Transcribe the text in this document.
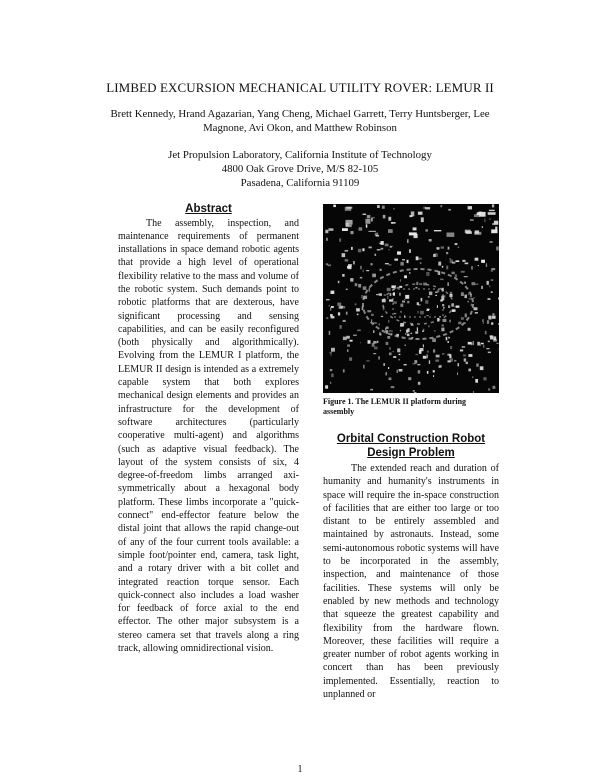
LIMBED EXCURSION MECHANICAL UTILITY ROVER: LEMUR II
Brett Kennedy, Hrand Agazarian, Yang Cheng, Michael Garrett, Terry Huntsberger, Lee Magnone, Avi Okon, and Matthew Robinson
Jet Propulsion Laboratory, California Institute of Technology
4800 Oak Grove Drive, M/S 82-105
Pasadena, California 91109
Abstract

The assembly, inspection, and maintenance requirements of permanent installations in space demand robotic agents that provide a high level of operational flexibility relative to the mass and volume of the robotic system. Such demands point to robotic platforms that are dexterous, have significant processing and sensing capabilities, and can be easily reconfigured (both physically and algorithmically). Evolving from the LEMUR I platform, the LEMUR II design is intended as a extremely capable system that both explores mechanical design elements and provides an infrastructure for the development of software architectures (particularly cooperative multi-agent) and algorithms (such as adaptive visual feedback). The layout of the system consists of six, 4 degree-of-freedom limbs arranged axi-symmetrically about a hexagonal body platform. These limbs incorporate a "quick-connect" end-effector feature below the distal joint that allows the rapid change-out of any of the four current tools available: a simple foot/pointer end, camera, task light, and a rotary driver with a bit collet and integrated reaction torque sensor. Each quick-connect also includes a load washer for feedback of force axial to the end effector. The other major subsystem is a stereo camera set that travels along a ring track, allowing omnidirectional vision.

Figure 1. The LEMUR II platform during assembly
Orbital Construction Robot Design Problem

The extended reach and duration of humanity and humanity's instruments in space will require the in-space construction of facilities that are either too large or too distant to be entirely assembled and maintained by astronauts. Instead, some semi-autonomous robotic systems will have to be incorporated in the assembly, inspection, and maintenance of those facilities. These systems will only be enabled by new methods and technology that squeeze the greatest capability and flexibility from the hardware flown. Moreover, these facilities will require a greater number of robot agents working in concert than has been previously implemented. Essentially, reaction to unplanned or

1
